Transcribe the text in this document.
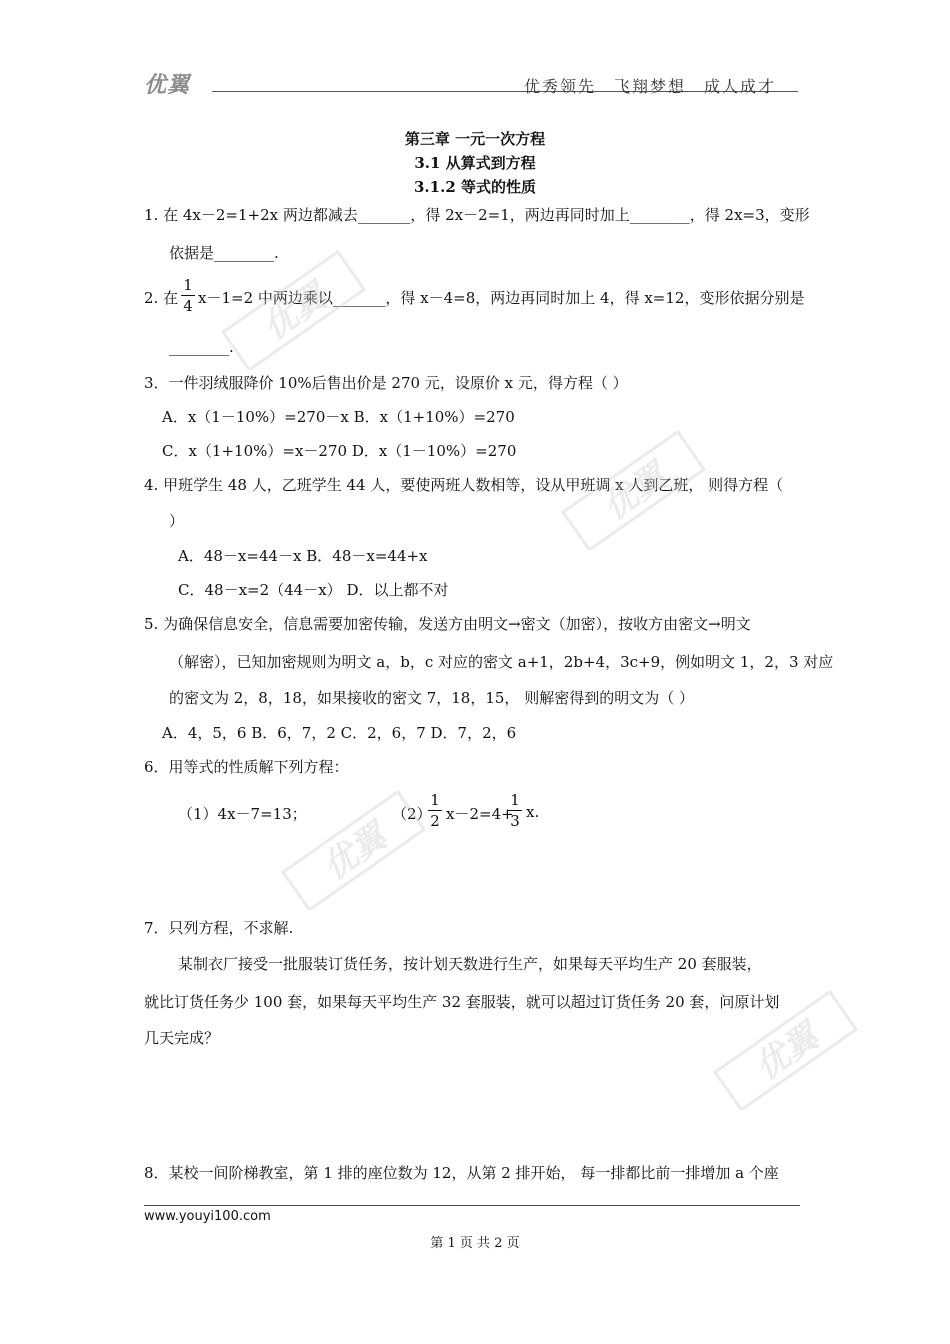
优翼	优秀领先　飞翔梦想　成人成才
第三章 一元一次方程
3.1 从算式到方程
3.1.2 等式的性质
1. 在 4x－2=1+2x 两边都减去_______，得 2x－2=1，两边再同时加上________，得 2x=3，变形
依据是________.
2. 在
1
4 x－1=2 中两边乘以_______，得 x－4=8，两边再同时加上 4，得 x=12，变形依据分别是
________.
3．一件羽绒服降价 10%后售出价是 270 元，设原价 x 元，得方程（ ）
A．x（1－10%）=270－x B．x（1+10%）=270
C．x（1+10%）=x－270 D．x（1－10%）=270
4. 甲班学生 48 人，乙班学生 44 人，要使两班人数相等，设从甲班调 x 人到乙班， 则得方程（
）
A．48－x=44－x B．48－x=44+x
C．48－x=2（44－x） D．以上都不对
5. 为确保信息安全，信息需要加密传输，发送方由明文→密文（加密），按收方由密文→明文
（解密），已知加密规则为明文 a，b，c 对应的密文 a+1，2b+4，3c+9，例如明文 1，2，3 对应
的密文为 2，8，18，如果接收的密文 7，18，15， 则解密得到的明文为（ ）
A．4，5，6 B．6，7，2 C．2，6，7 D．7，2，6
6．用等式的性质解下列方程：
（1）4x－7=13；	（2）
1
2 x－2=4+
1
3 x.
7．只列方程，不求解.
某制衣厂接受一批服装订货任务，按计划天数进行生产，如果每天平均生产 20 套服装，
就比订货任务少 100 套，如果每天平均生产 32 套服装，就可以超过订货任务 20 套，问原计划
几天完成？
8．某校一间阶梯教室，第 1 排的座位数为 12，从第 2 排开始， 每一排都比前一排增加 a 个座
www.youyi100.com
第 1 页 共 2 页
优翼
优翼
优翼
优翼
